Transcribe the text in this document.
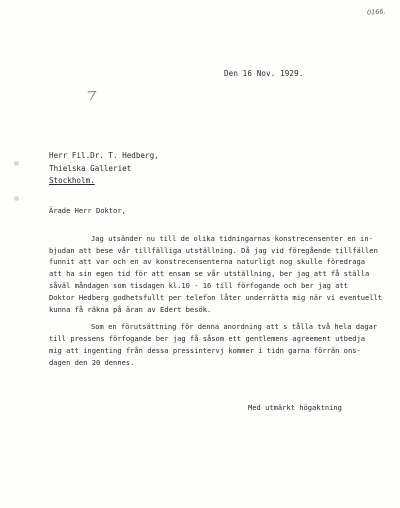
0166.
Den 16 Nov. 1929.
Herr Fil.Dr. T. Hedberg,
Thielska Galleriet
Stockholm.
Ärade Herr Doktor,
Jag utsänder nu till de olika tidningarnas konstrecensenter en in-
bjudan att bese vår tillfälliga utställning. Då jag vid föregående tillfällen
funnit att var och en av konstrecensenterna naturligt nog skulle föredraga
att ha sin egen tid för att ensam se vår utställning, ber jag att få ställa
såväl måndagen som tisdagen kl.10 - 16 till förfogande och ber jag att
Doktor Hedberg godhetsfullt per telefon låter underrätta mig när vi eventuellt
kunna få räkna på äran av Edert besök.
Som en förutsättning för denna anordning att s tålla två hela dagar
till pressens förfogande ber jag få såsom ett gentlemens agreement utbedja
mig att ingenting från dessa pressintervj kommer i tidn garna förrän ons-
dagen den 20 dennes.
Med utmärkt högaktning
